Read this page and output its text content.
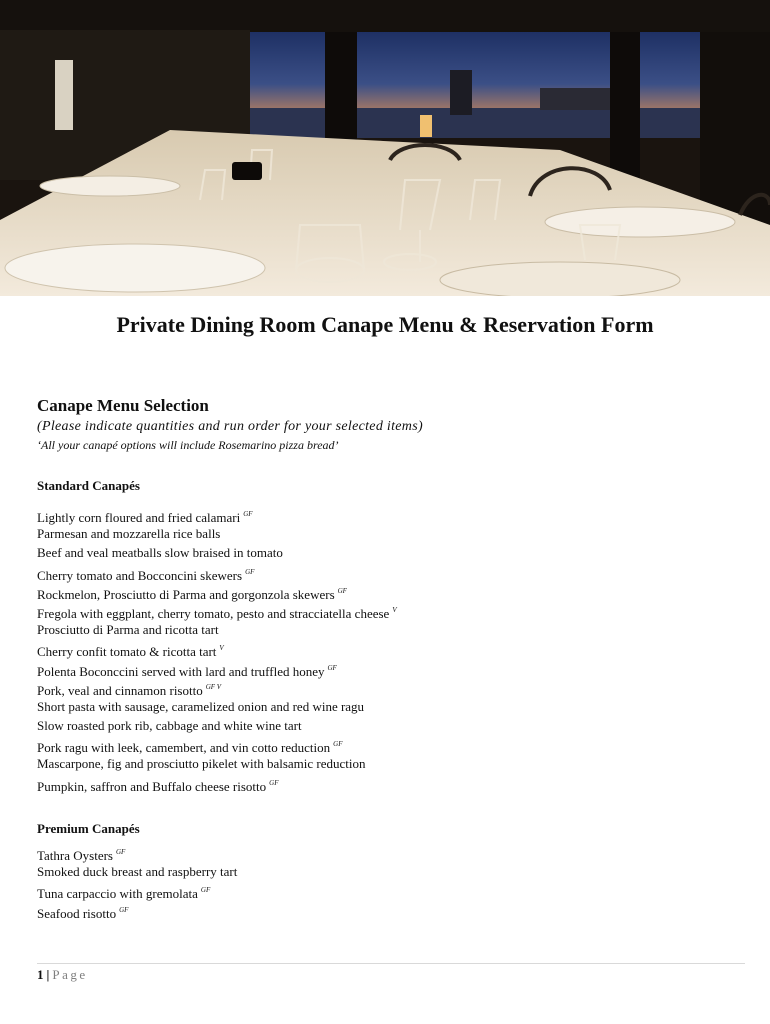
Private Dining Room Canape Menu & Reservation Form
Canape Menu Selection
(Please indicate quantities and run order for your selected items)
‘All your canapé options will include Rosemarino pizza bread’
Standard Canapés
Lightly corn floured and fried calamari $^{GF}$
Parmesan and mozzarella rice balls
Beef and veal meatballs slow braised in tomato
Cherry tomato and Bocconcini skewers $^{GF}$
Rockmelon, Prosciutto di Parma and gorgonzola skewers $^{GF}$
Fregola with eggplant, cherry tomato, pesto and stracciatella cheese $^V$
Prosciutto di Parma and ricotta tart
Cherry confit tomato & ricotta tart $^V$
Polenta Boconccini served with lard and truffled honey $^{GF}$
Pork, veal and cinnamon risotto $^{GF V}$
Short pasta with sausage, caramelized onion and red wine ragu
Slow roasted pork rib, cabbage and white wine tart
Pork ragu with leek, camembert, and vin cotto reduction $^{GF}$
Mascarpone, fig and prosciutto pikelet with balsamic reduction
Pumpkin, saffron and Buffalo cheese risotto $^{GF}$
Premium Canapés
Tathra Oysters $^{GF}$
Smoked duck breast and raspberry tart
Tuna carpaccio with gremolata $^{GF}$
Seafood risotto $^{GF}$
1 | Page
